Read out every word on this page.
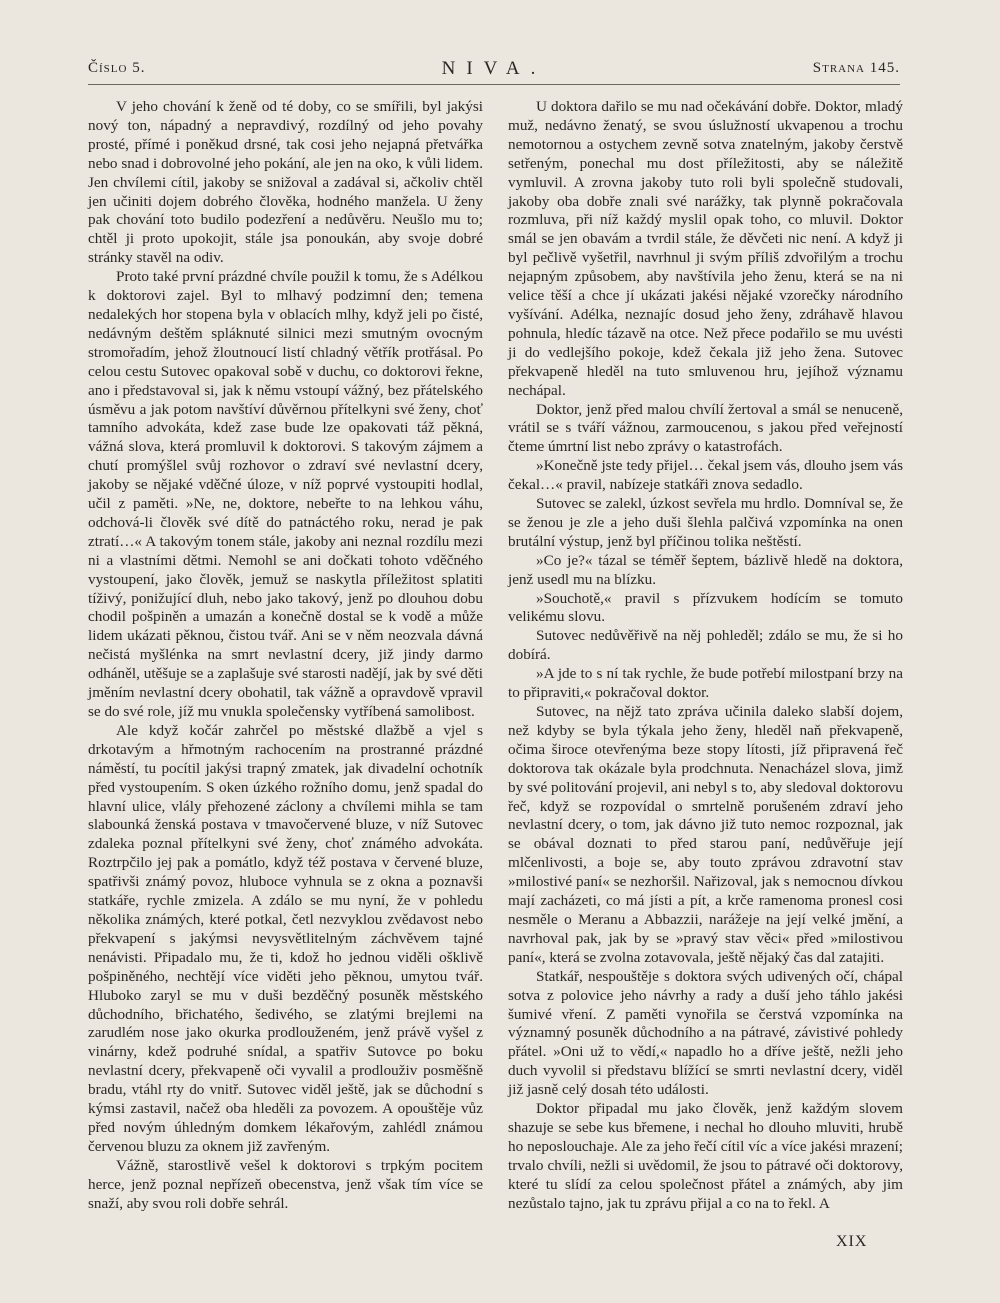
Číslo 5.	NIVA.	Strana 145.

V jeho chování k ženě od té doby, co se smířili, byl jakýsi nový ton, nápadný a nepravdivý, rozdílný od jeho povahy prosté, přímé i poněkud drsné, tak cosi jeho nejapná přetvářka nebo snad i dobrovolné jeho pokání, ale jen na oko, k vůli lidem. Jen chvílemi cítil, jakoby se snižoval a zadával si, ačkoliv chtěl jen učiniti dojem dobrého člověka, hodného manžela. U ženy pak chování toto budilo podezření a nedůvěru. Neušlo mu to; chtěl ji proto upokojit, stále jsa ponoukán, aby svoje dobré stránky stavěl na odiv.

Proto také první prázdné chvíle použil k tomu, že s Adélkou k doktorovi zajel. Byl to mlhavý podzimní den; temena nedalekých hor stopena byla v oblacích mlhy, když jeli po čisté, nedávným deštěm spláknuté silnici mezi smutným ovocným stromořadím, jehož žloutnoucí listí chladný větřík protřásal. Po celou cestu Sutovec opakoval sobě v duchu, co doktorovi řekne, ano i představoval si, jak k němu vstoupí vážný, bez přátelského úsměvu a jak potom navštíví důvěrnou přítelkyni své ženy, choť tamního advokáta, kdež zase bude lze opakovati táž pěkná, vážná slova, která promluvil k doktorovi. S takovým zájmem a chutí promýšlel svůj rozhovor o zdraví své nevlastní dcery, jakoby se nějaké vděčné úloze, v níž poprvé vystoupiti hodlal, učil z paměti. »Ne, ne, doktore, nebeřte to na lehkou váhu, odchová-li člověk své dítě do patnáctého roku, nerad je pak ztratí…« A takovým tonem stále, jakoby ani neznal rozdílu mezi ni a vlastními dětmi. Nemohl se ani dočkati tohoto vděčného vystoupení, jako člověk, jemuž se naskytla příležitost splatiti tíživý, ponižující dluh, nebo jako takový, jenž po dlouhou dobu chodil pošpiněn a umazán a konečně dostal se k vodě a může lidem ukázati pěknou, čistou tvář. Ani se v něm neozvala dávná nečistá myšlénka na smrt nevlastní dcery, již jindy darmo odháněl, utěšuje se a zaplašuje své starosti nadějí, jak by své děti jměním nevlastní dcery obohatil, tak vážně a opravdově vpravil se do své role, jíž mu vnukla společensky vytříbená samolibost.

Ale když kočár zahrčel po městské dlažbě a vjel s drkotavým a hřmotným rachocením na prostranné prázdné náměstí, tu pocítil jakýsi trapný zmatek, jak divadelní ochotník před vystoupením. S oken úzkého rožního domu, jenž spadal do hlavní ulice, vlály přehozené záclony a chvílemi mihla se tam slabounká ženská postava v tmavočervené bluze, v níž Sutovec zdaleka poznal přítelkyni své ženy, choť známého advokáta. Roztrpčilo jej pak a pomátlo, když též postava v červené bluze, spatřivši známý povoz, hluboce vyhnula se z okna a poznavši statkáře, rychle zmizela. A zdálo se mu nyní, že v pohledu několika známých, které potkal, četl nezvyklou zvědavost nebo překvapení s jakýmsi nevysvětlitelným záchvěvem tajné nenávisti. Připadalo mu, že ti, kdož ho jednou viděli ošklivě pošpiněného, nechtějí více viděti jeho pěknou, umytou tvář. Hluboko zaryl se mu v duši bezděčný posuněk městského důchodního, břichatého, šedivého, se zlatými brejlemi na zarudlém nose jako okurka prodlouženém, jenž právě vyšel z vinárny, kdež podruhé snídal, a spatřiv Sutovce po boku nevlastní dcery, překvapeně oči vyvalil a prodlouživ posměšně bradu, vtáhl rty do vnitř. Sutovec viděl ještě, jak se důchodní s kýmsi zastavil, načež oba hleděli za povozem. A opouštěje vůz před novým úhledným domkem lékařovým, zahlédl známou červenou bluzu za oknem již zavřeným.

Vážně, starostlivě vešel k doktorovi s trpkým pocitem herce, jenž poznal nepřízeň obecenstva, jenž však tím více se snaží, aby svou roli dobře sehrál.

U doktora dařilo se mu nad očekávání dobře. Doktor, mladý muž, nedávno ženatý, se svou úslužností ukvapenou a trochu nemotornou a ostychem zevně sotva znatelným, jakoby čerstvě setřeným, ponechal mu dost příležitosti, aby se náležitě vymluvil. A zrovna jakoby tuto roli byli společně studovali, jakoby oba dobře znali své narážky, tak plynně pokračovala rozmluva, při níž každý myslil opak toho, co mluvil. Doktor smál se jen obavám a tvrdil stále, že děvčeti nic není. A když ji byl pečlivě vyšetřil, navrhnul ji svým příliš zdvořilým a trochu nejapným způsobem, aby navštívila jeho ženu, která se na ni velice těší a chce jí ukázati jakési nějaké vzorečky národního vyšívání. Adélka, neznajíc dosud jeho ženy, zdráhavě hlavou pohnula, hledíc tázavě na otce. Než přece podařilo se mu uvésti ji do vedlejšího pokoje, kdež čekala již jeho žena. Sutovec překvapeně hleděl na tuto smluvenou hru, jejíhož významu nechápal.

Doktor, jenž před malou chvílí žertoval a smál se nenuceně, vrátil se s tváří vážnou, zarmoucenou, s jakou před veřejností čteme úmrtní list nebo zprávy o katastrofách.

»Konečně jste tedy přijel… čekal jsem vás, dlouho jsem vás čekal…« pravil, nabízeje statkáři znova sedadlo.

Sutovec se zalekl, úzkost sevřela mu hrdlo. Domníval se, že se ženou je zle a jeho duši šlehla palčivá vzpomínka na onen brutální výstup, jenž byl příčinou tolika neštěstí.

»Co je?« tázal se téměř šeptem, bázlivě hledě na doktora, jenž usedl mu na blízku.

»Souchotě,« pravil s přízvukem hodícím se tomuto velikému slovu.

Sutovec nedůvěřivě na něj pohleděl; zdálo se mu, že si ho dobírá.

»A jde to s ní tak rychle, že bude potřebí milostpaní brzy na to připraviti,« pokračoval doktor.

Sutovec, na nějž tato zpráva učinila daleko slabší dojem, než kdyby se byla týkala jeho ženy, hleděl naň překvapeně, očima široce otevřenýma beze stopy lítosti, jíž připravená řeč doktorova tak okázale byla prodchnuta. Nenacházel slova, jimž by své politování projevil, ani nebyl s to, aby sledoval doktorovu řeč, když se rozpovídal o smrtelně porušeném zdraví jeho nevlastní dcery, o tom, jak dávno již tuto nemoc rozpoznal, jak se obával doznati to před starou paní, nedůvěřuje její mlčenlivosti, a boje se, aby touto zprávou zdravotní stav »milostivé paní« se nezhoršil. Nařizoval, jak s nemocnou dívkou mají zacházeti, co má jísti a pít, a krče ramenoma pronesl cosi nesměle o Meranu a Abbazzii, narážeje na její velké jmění, a navrhoval pak, jak by se »pravý stav věci« před »milostivou paní«, která se zvolna zotavovala, ještě nějaký čas dal zatajiti.

Statkář, nespouštěje s doktora svých udivených očí, chápal sotva z polovice jeho návrhy a rady a duší jeho táhlo jakési šumivé vření. Z paměti vynořila se čerstvá vzpomínka na významný posuněk důchodního a na pátravé, závistivé pohledy přátel. »Oni už to vědí,« napadlo ho a dříve ještě, nežli jeho duch vyvolil si představu blížící se smrti nevlastní dcery, viděl již jasně celý dosah této události.

Doktor připadal mu jako člověk, jenž každým slovem shazuje se sebe kus břemene, i nechal ho dlouho mluviti, hrubě ho neposlouchaje. Ale za jeho řečí cítil víc a více jakési mrazení; trvalo chvíli, nežli si uvědomil, že jsou to pátravé oči doktorovy, které tu slídí za celou společnost přátel a známých, aby jim nezůstalo tajno, jak tu zprávu přijal a co na to řekl. A

XIX
